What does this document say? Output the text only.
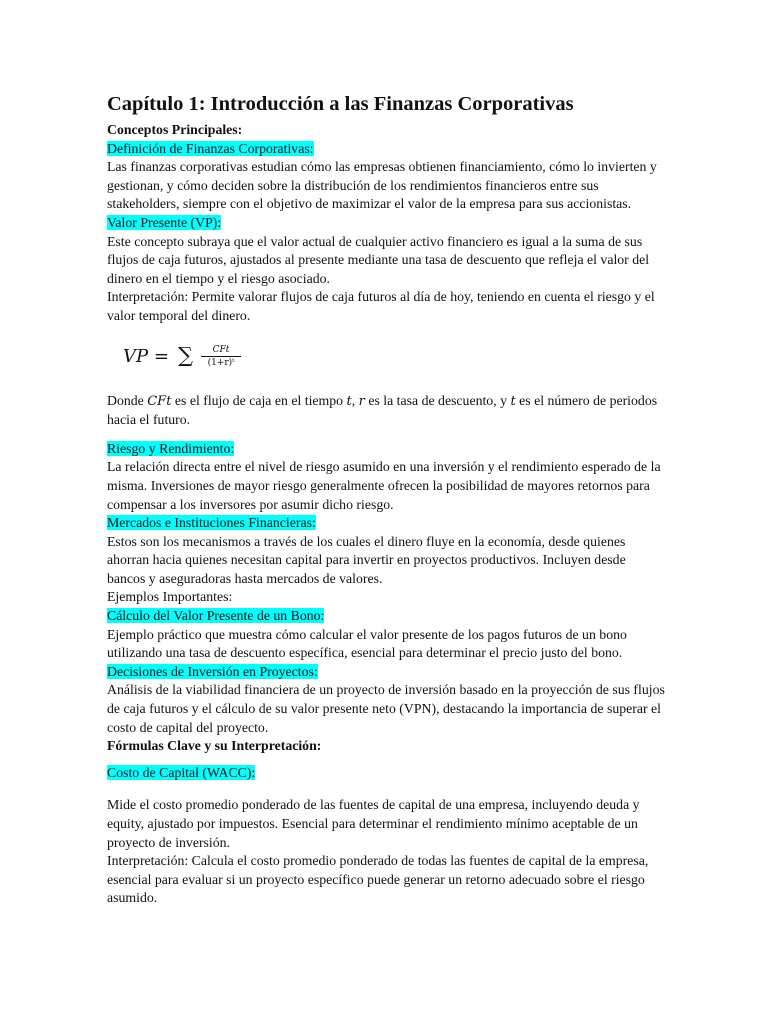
Capítulo 1: Introducción a las Finanzas Corporativas

Conceptos Principales:

Definición de Finanzas Corporativas:

Las finanzas corporativas estudian cómo las empresas obtienen financiamiento, cómo lo invierten y gestionan, y cómo deciden sobre la distribución de los rendimientos financieros entre sus stakeholders, siempre con el objetivo de maximizar el valor de la empresa para sus accionistas.

Valor Presente (VP):

Este concepto subraya que el valor actual de cualquier activo financiero es igual a la suma de sus flujos de caja futuros, ajustados al presente mediante una tasa de descuento que refleja el valor del dinero en el tiempo y el riesgo asociado.

Interpretación: Permite valorar flujos de caja futuros al día de hoy, teniendo en cuenta el riesgo y el valor temporal del dinero.

VP = ∑	CFt
(1+r)ᵗ

Donde CFt es el flujo de caja en el tiempo t, r es la tasa de descuento, y t es el número de periodos hacia el futuro.

Riesgo y Rendimiento:

La relación directa entre el nivel de riesgo asumido en una inversión y el rendimiento esperado de la misma. Inversiones de mayor riesgo generalmente ofrecen la posibilidad de mayores retornos para compensar a los inversores por asumir dicho riesgo.

Mercados e Instituciones Financieras:

Estos son los mecanismos a través de los cuales el dinero fluye en la economía, desde quienes ahorran hacia quienes necesitan capital para invertir en proyectos productivos. Incluyen desde bancos y aseguradoras hasta mercados de valores.

Ejemplos Importantes:

Cálculo del Valor Presente de un Bono:

Ejemplo práctico que muestra cómo calcular el valor presente de los pagos futuros de un bono utilizando una tasa de descuento específica, esencial para determinar el precio justo del bono.

Decisiones de Inversión en Proyectos:

Análisis de la viabilidad financiera de un proyecto de inversión basado en la proyección de sus flujos de caja futuros y el cálculo de su valor presente neto (VPN), destacando la importancia de superar el costo de capital del proyecto.

Fórmulas Clave y su Interpretación:

Costo de Capital (WACC):

Mide el costo promedio ponderado de las fuentes de capital de una empresa, incluyendo deuda y equity, ajustado por impuestos. Esencial para determinar el rendimiento mínimo aceptable de un proyecto de inversión.

Interpretación: Calcula el costo promedio ponderado de todas las fuentes de capital de la empresa, esencial para evaluar si un proyecto específico puede generar un retorno adecuado sobre el riesgo asumido.
